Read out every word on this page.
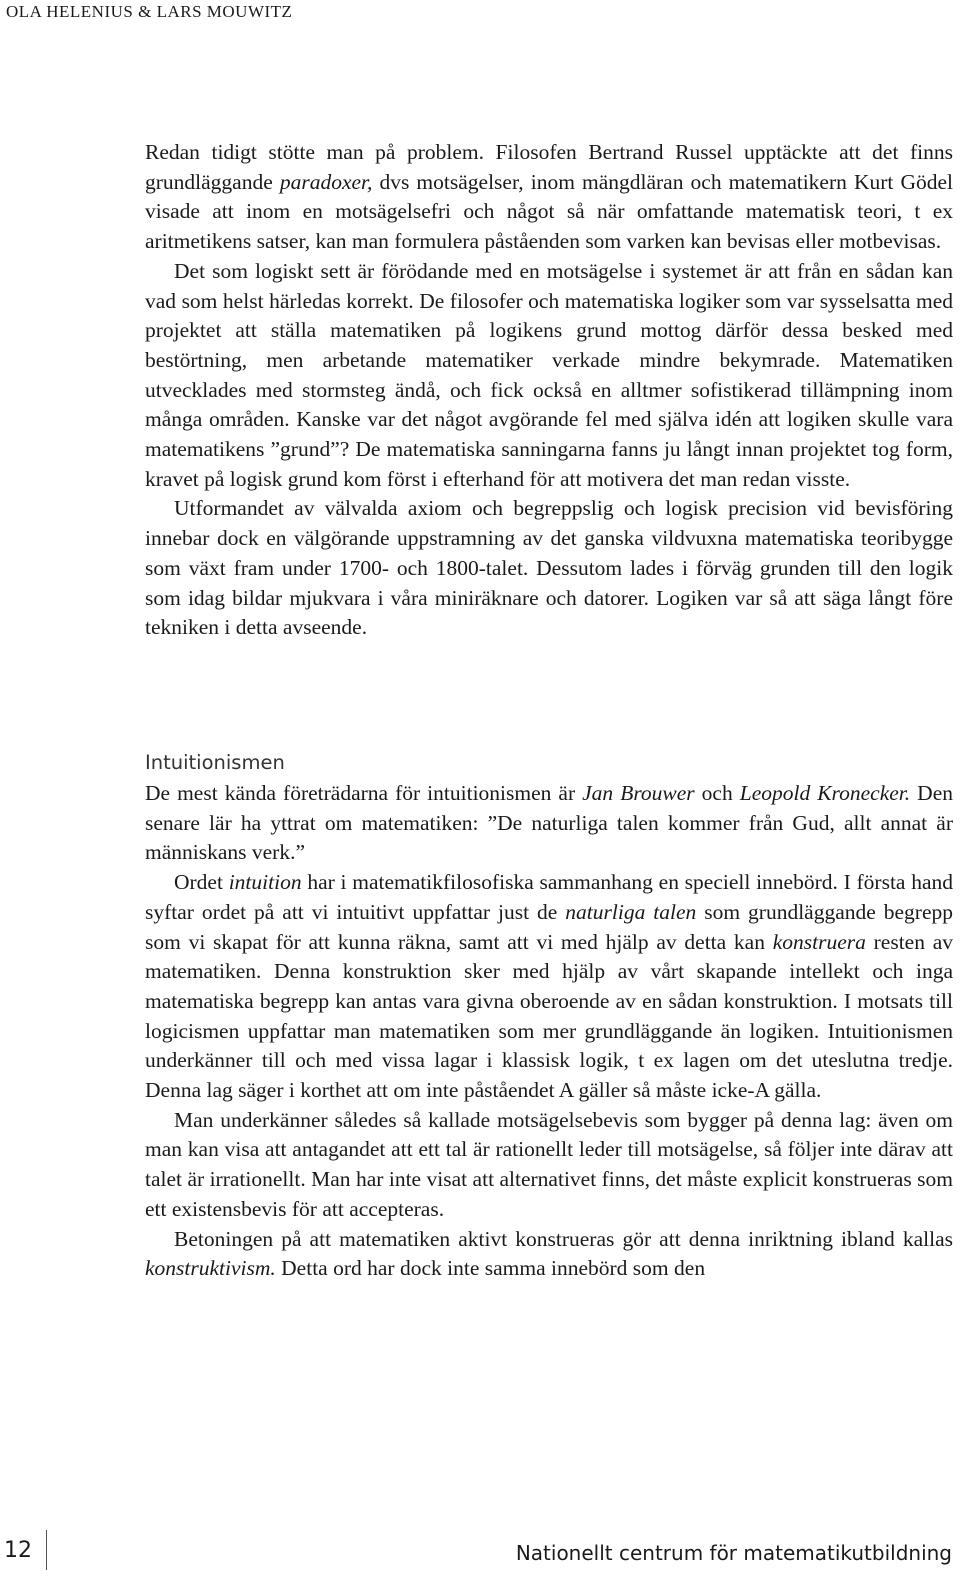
OLA HELENIUS & LARS MOUWITZ

Redan tidigt stötte man på problem. Filosofen Bertrand Russel upptäckte att det finns grundläggande paradoxer, dvs motsägelser, inom mängdläran och matematikern Kurt Gödel visade att inom en motsägelsefri och något så när omfattande matematisk teori, t ex aritmetikens satser, kan man formulera påståenden som varken kan bevisas eller motbevisas.

Det som logiskt sett är förödande med en motsägelse i systemet är att från en sådan kan vad som helst härledas korrekt. De filosofer och matematiska logiker som var sysselsatta med projektet att ställa matematiken på logikens grund mottog därför dessa besked med bestörtning, men arbetande matematiker verkade mindre bekymrade. Matematiken utvecklades med stormsteg ändå, och fick också en alltmer sofistikerad tillämpning inom många områden. Kanske var det något avgörande fel med själva idén att logiken skulle vara matematikens ”grund”? De matematiska sanningarna fanns ju långt innan projektet tog form, kravet på logisk grund kom först i efterhand för att motivera det man redan visste.

Utformandet av välvalda axiom och begreppslig och logisk precision vid bevisföring innebar dock en välgörande uppstramning av det ganska vildvuxna matematiska teoribygge som växt fram under 1700- och 1800-talet. Dessutom lades i förväg grunden till den logik som idag bildar mjukvara i våra miniräknare och datorer. Logiken var så att säga långt före tekniken i detta avseende.

Intuitionismen

De mest kända företrädarna för intuitionismen är Jan Brouwer och Leopold Kronecker. Den senare lär ha yttrat om matematiken: ”De naturliga talen kommer från Gud, allt annat är människans verk.”

Ordet intuition har i matematikfilosofiska sammanhang en speciell innebörd. I första hand syftar ordet på att vi intuitivt uppfattar just de naturliga talen som grundläggande begrepp som vi skapat för att kunna räkna, samt att vi med hjälp av detta kan konstruera resten av matematiken. Denna konstruktion sker med hjälp av vårt skapande intellekt och inga matematiska begrepp kan antas vara givna oberoende av en sådan konstruktion. I motsats till logicismen uppfattar man matematiken som mer grundläggande än logiken. Intuitionismen underkänner till och med vissa lagar i klassisk logik, t ex lagen om det uteslutna tredje. Denna lag säger i korthet att om inte påståendet A gäller så måste icke-A gälla.

Man underkänner således så kallade motsägelsebevis som bygger på denna lag: även om man kan visa att antagandet att ett tal är rationellt leder till motsägelse, så följer inte därav att talet är irrationellt. Man har inte visat att alternativet finns, det måste explicit konstrueras som ett existensbevis för att accepteras.

Betoningen på att matematiken aktivt konstrueras gör att denna inriktning ibland kallas konstruktivism. Detta ord har dock inte samma innebörd som den

12	Nationellt centrum för matematikutbildning
